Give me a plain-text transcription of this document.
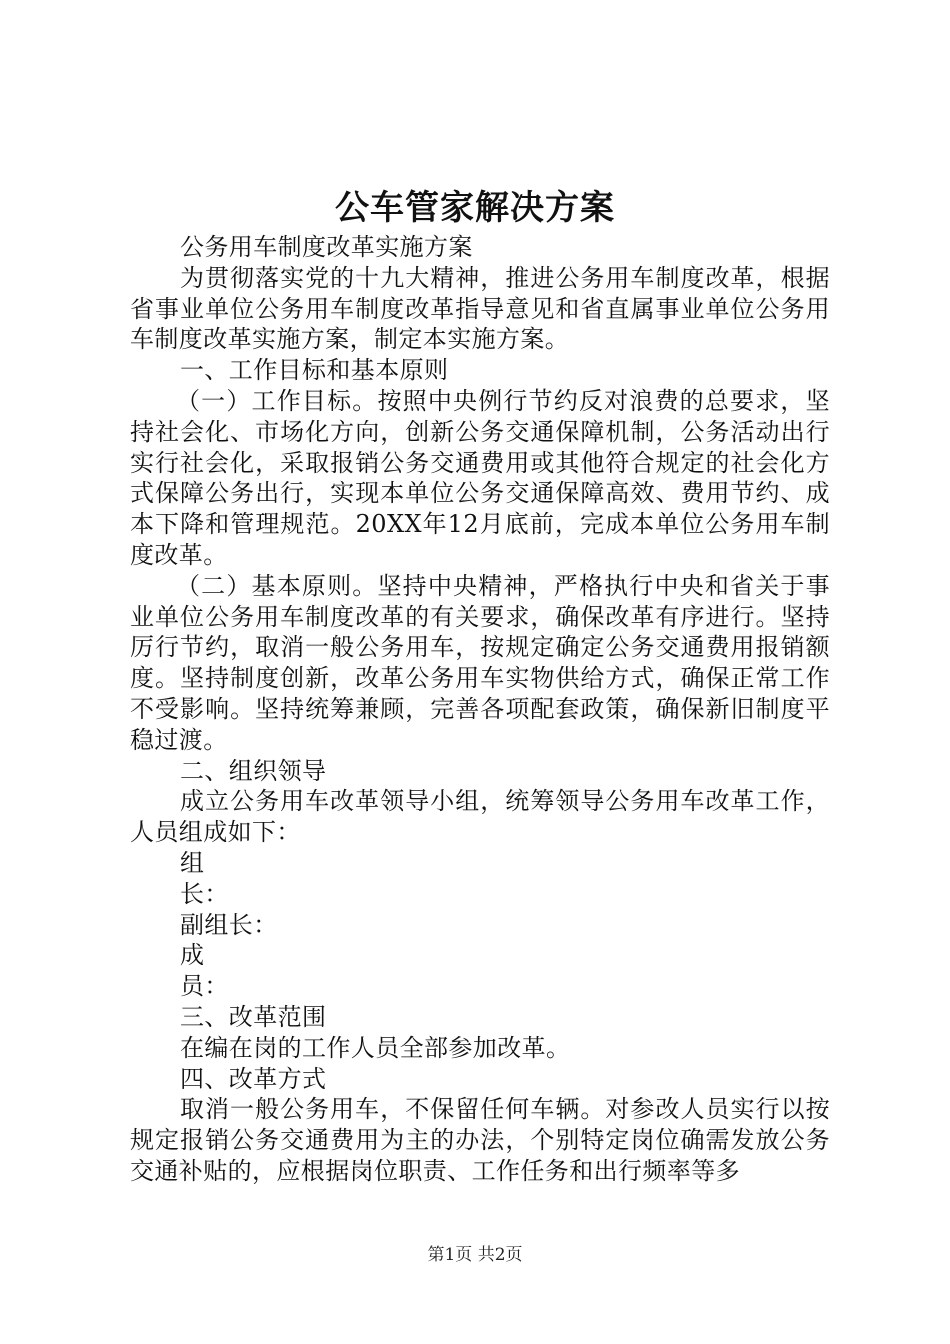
公车管家解决方案

公务用车制度改革实施方案

为贯彻落实党的十九大精神，推进公务用车制度改革，根据省事业单位公务用车制度改革指导意见和省直属事业单位公务用车制度改革实施方案，制定本实施方案。

一、工作目标和基本原则

（一）工作目标。按照中央例行节约反对浪费的总要求，坚持社会化、市场化方向，创新公务交通保障机制，公务活动出行实行社会化，采取报销公务交通费用或其他符合规定的社会化方式保障公务出行，实现本单位公务交通保障高效、费用节约、成本下降和管理规范。20XX年12月底前，完成本单位公务用车制度改革。

（二）基本原则。坚持中央精神，严格执行中央和省关于事业单位公务用车制度改革的有关要求，确保改革有序进行。坚持厉行节约，取消一般公务用车，按规定确定公务交通费用报销额度。坚持制度创新，改革公务用车实物供给方式，确保正常工作不受影响。坚持统筹兼顾，完善各项配套政策，确保新旧制度平稳过渡。

二、组织领导

成立公务用车改革领导小组，统筹领导公务用车改革工作，人员组成如下：

组

长：

副组长：

成

员：

三、改革范围

在编在岗的工作人员全部参加改革。

四、改革方式

取消一般公务用车，不保留任何车辆。对参改人员实行以按规定报销公务交通费用为主的办法，个别特定岗位确需发放公务交通补贴的，应根据岗位职责、工作任务和出行频率等多

第1页 共2页
